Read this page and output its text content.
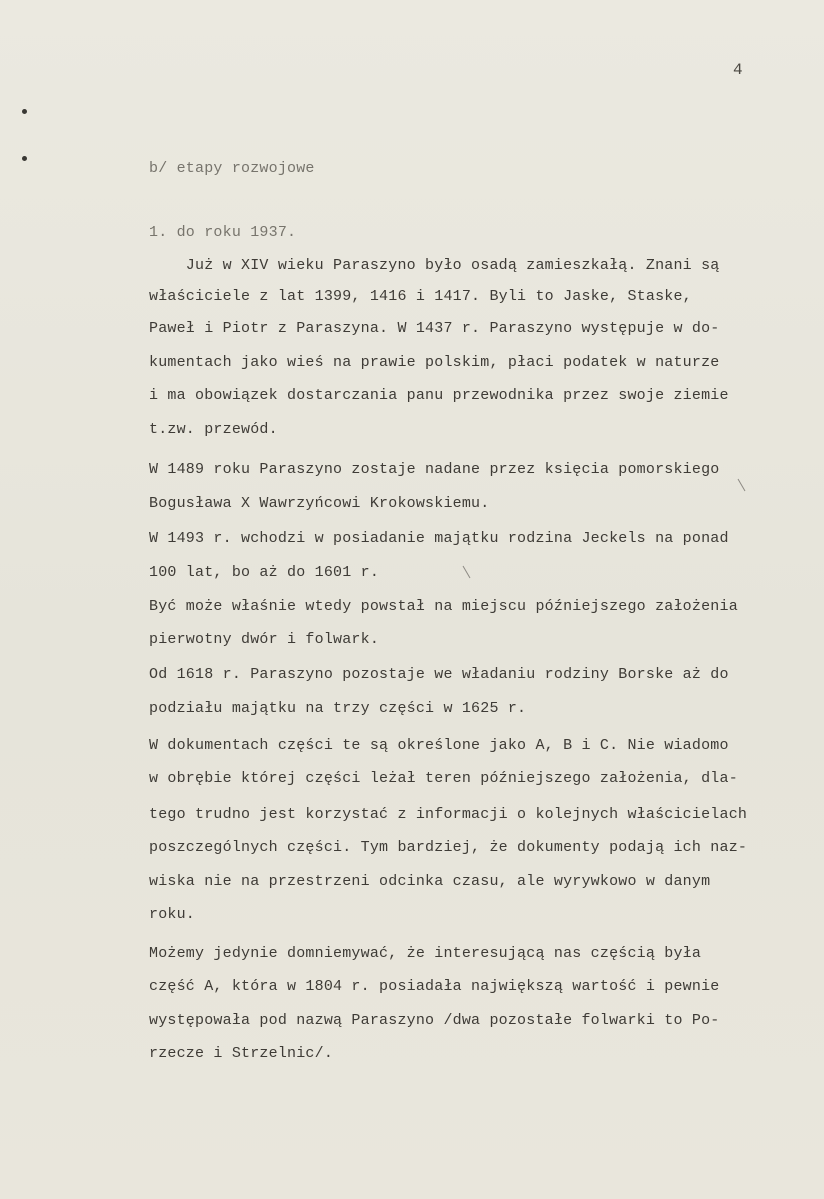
4
b/ etapy rozwojowe
1. do roku 1937.
Już w XIV wieku Paraszyno było osadą zamieszkałą. Znani są
właściciele z lat 1399, 1416 i 1417. Byli to Jaske, Staske,
Paweł i Piotr z Paraszyna. W 1437 r. Paraszyno występuje w do-
kumentach jako wieś na prawie polskim, płaci podatek w naturze
i ma obowiązek dostarczania panu przewodnika przez swoje ziemie
t.zw. przewód.
W 1489 roku Paraszyno zostaje nadane przez księcia pomorskiego
Bogusława X Wawrzyńcowi Krokowskiemu.
W 1493 r. wchodzi w posiadanie majątku rodzina Jeckels na ponad
100 lat, bo aż do 1601 r.
Być może właśnie wtedy powstał na miejscu późniejszego założenia
pierwotny dwór i folwark.
Od 1618 r. Paraszyno pozostaje we władaniu rodziny Borske aż do
podziału majątku na trzy części w 1625 r.
W dokumentach części te są określone jako A, B i C. Nie wiadomo
w obrębie której części leżał teren późniejszego założenia, dla-
tego trudno jest korzystać z informacji o kolejnych właścicielach
poszczególnych części. Tym bardziej, że dokumenty podają ich naz-
wiska nie na przestrzeni odcinka czasu, ale wyrywkowo w danym
roku.
Możemy jedynie domniemywać, że interesującą nas częścią była
część A, która w 1804 r. posiadała największą wartość i pewnie
występowała pod nazwą Paraszyno /dwa pozostałe folwarki to Po-
rzecze i Strzelnic/.
